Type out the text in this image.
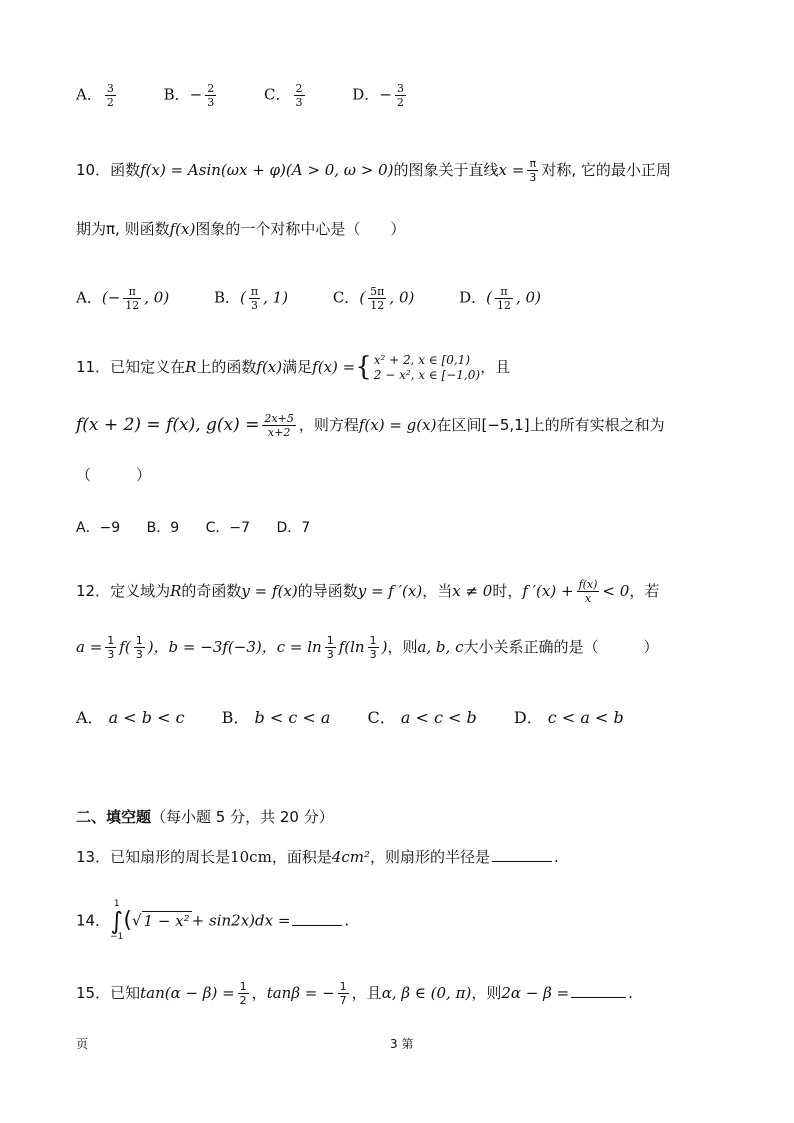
A． $\frac{3}{2}$	B．− $\frac{2}{3}$	C． $\frac{2}{3}$	D．− $\frac{3}{2}$
10．函数f(x) = Asin(ωx + φ)(A > 0, ω > 0)的图象关于直线$x = \frac{\pi}{3}$ 对称, 它的最小正周
期为π, 则函数f(x)图象的一个对称中心是（　　）
A．(− $\frac{\pi}{12}$ , 0)	B．( $\frac{\pi}{3}$ , 1)	C．( $\frac{5\pi}{12}$ , 0)	D．( $\frac{\pi}{12}$ , 0)
11．已知定义在R上的函数f(x)满足f(x) ={ x² + 2, x ∈ [0,1)
2 − x², x ∈ [−1,0) ，且
f(x + 2) = f(x), $g(x) = \frac{2x+5}{x+2}$ ，则方程f(x) = g(x)在区间[−5,1]上的所有实根之和为
（　　　）
A．−9 B．9 C．−7 D．7
12．定义域为R的奇函数y = f(x)的导函数y = f ′(x)，当x ≠ 0时，f $'(x) + \frac{f(x)}{x} < 0$，若
$a = \frac{1}{3} f( \frac{1}{3}$ )，b = −3f(−3)，$c = \ln \frac{1}{3} f(\ln \frac{1}{3}$ )，则a, b, c大小关系正确的是（　　　）
A． a < b < c B． b < c < a C． a < c < b D． c < a < b
二、填空题（每小题 5 分，共 20 分）
13．已知扇形的周长是10cm，面积是4cm²，则扇形的半径是	.
14．1
∫
−1(√ 1 − x² + sin2x)dx =	.
15．已知$\tan(\alpha - \beta) = \frac{1}{2}$ ，tanβ = − $\frac{1}{7}$ ，且α, β ∈ (0, π)，则2α − β =	.
页	3 第
